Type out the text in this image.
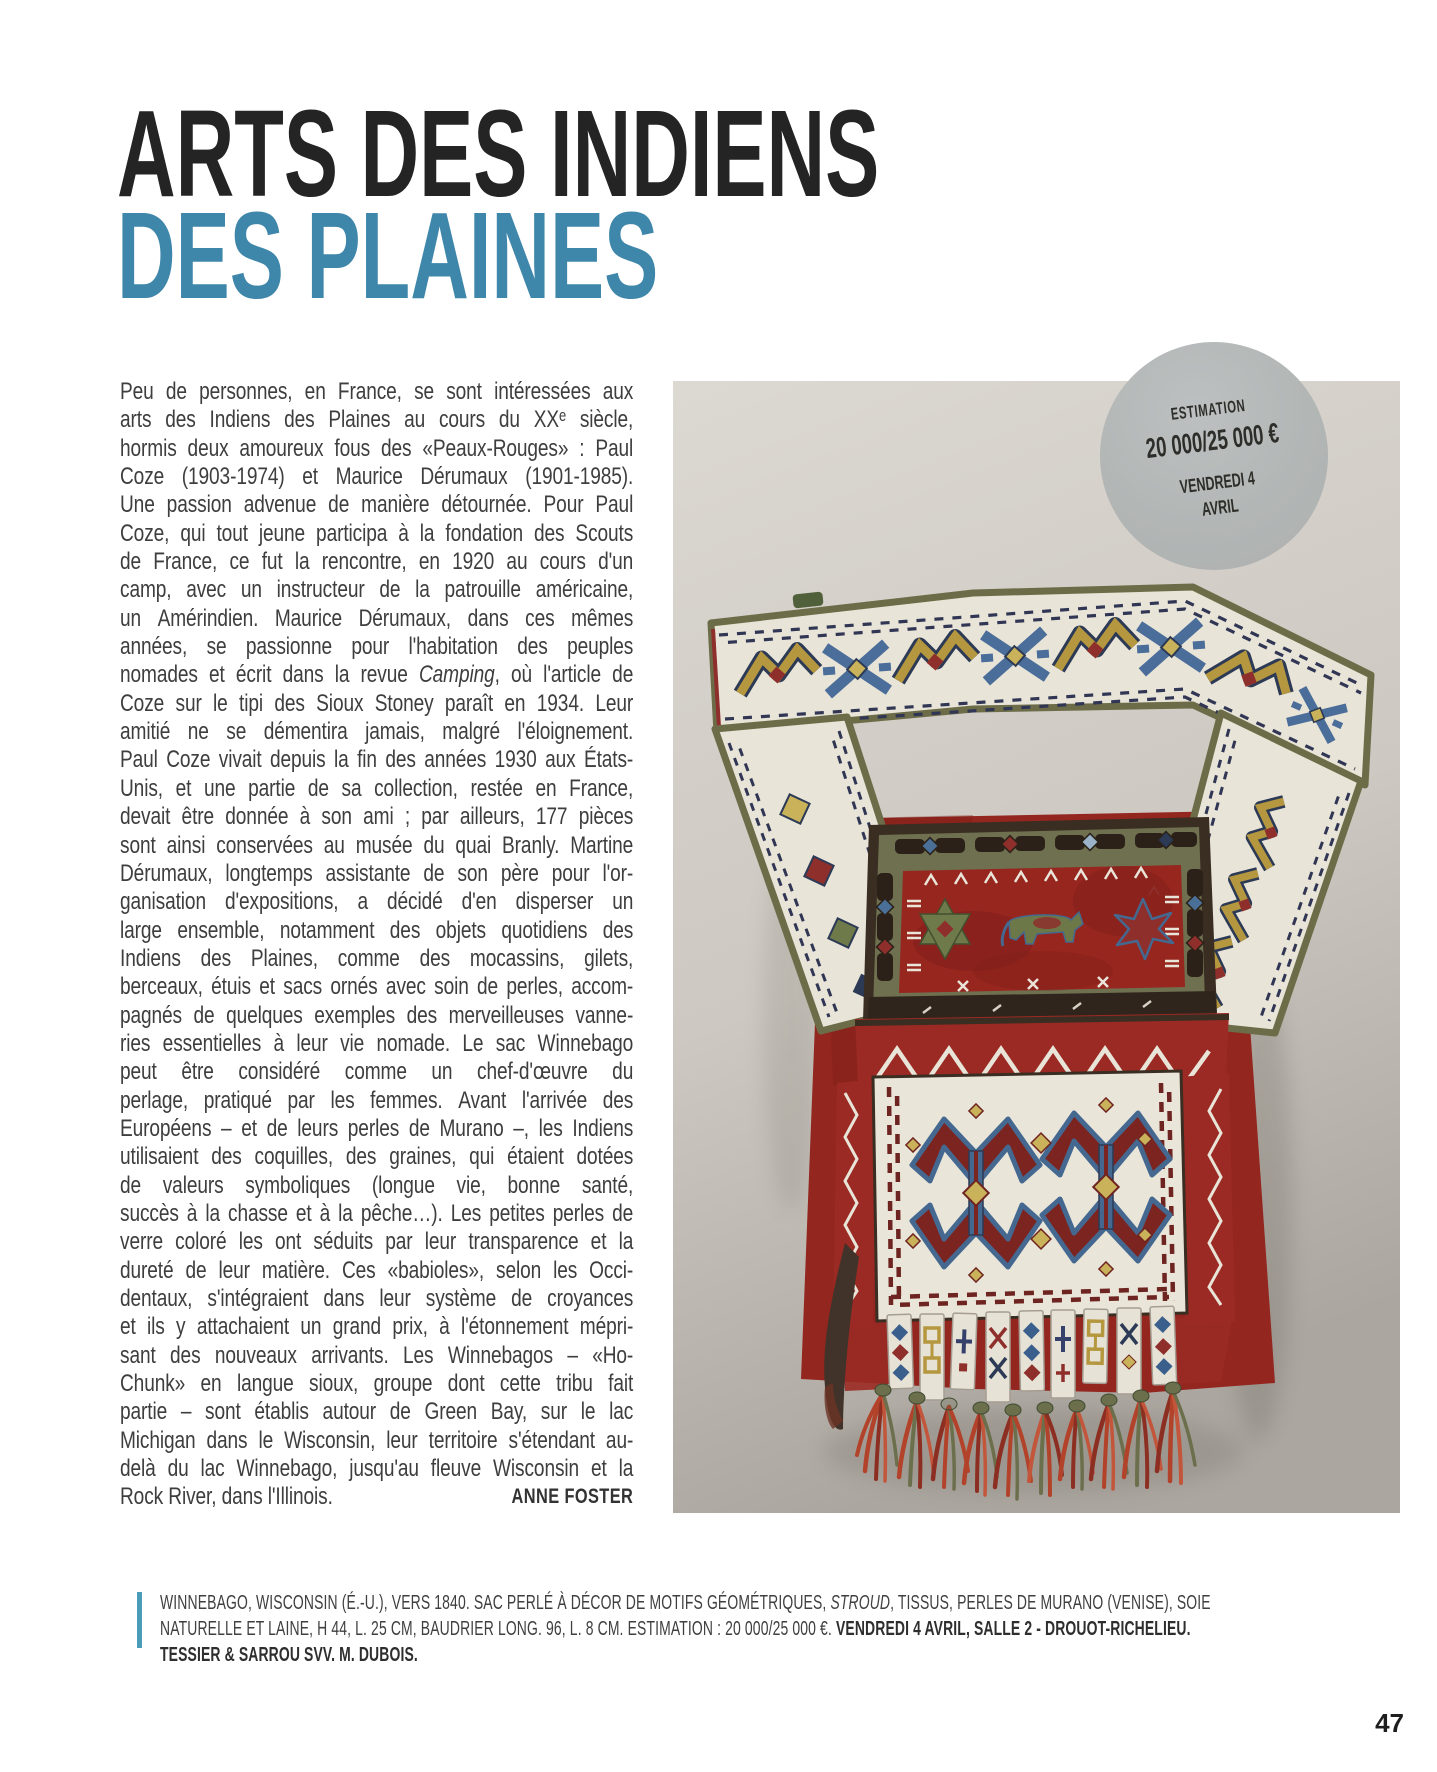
ARTS DES INDIENS
DES PLAINES
Peu de personnes, en France, se sont intéressées aux
arts des Indiens des Plaines au cours du XXᵉ siècle,
hormis deux amoureux fous des «Peaux-Rouges» : Paul
Coze (1903-1974) et Maurice Dérumaux (1901-1985).
Une passion advenue de manière détournée. Pour Paul
Coze, qui tout jeune participa à la fondation des Scouts
de France, ce fut la rencontre, en 1920 au cours d'un
camp, avec un instructeur de la patrouille américaine,
un Amérindien. Maurice Dérumaux, dans ces mêmes
années, se passionne pour l'habitation des peuples
nomades et écrit dans la revue Camping, où l'article de
Coze sur le tipi des Sioux Stoney paraît en 1934. Leur
amitié ne se démentira jamais, malgré l'éloignement.
Paul Coze vivait depuis la fin des années 1930 aux États-
Unis, et une partie de sa collection, restée en France,
devait être donnée à son ami ; par ailleurs, 177 pièces
sont ainsi conservées au musée du quai Branly. Martine
Dérumaux, longtemps assistante de son père pour l'or-
ganisation d'expositions, a décidé d'en disperser un
large ensemble, notamment des objets quotidiens des
Indiens des Plaines, comme des mocassins, gilets,
berceaux, étuis et sacs ornés avec soin de perles, accom-
pagnés de quelques exemples des merveilleuses vanne-
ries essentielles à leur vie nomade. Le sac Winnebago
peut être considéré comme un chef-d'œuvre du
perlage, pratiqué par les femmes. Avant l'arrivée des
Européens – et de leurs perles de Murano –, les Indiens
utilisaient des coquilles, des graines, qui étaient dotées
de valeurs symboliques (longue vie, bonne santé,
succès à la chasse et à la pêche…). Les petites perles de
verre coloré les ont séduits par leur transparence et la
dureté de leur matière. Ces «babioles», selon les Occi-
dentaux, s'intégraient dans leur système de croyances
et ils y attachaient un grand prix, à l'étonnement mépri-
sant des nouveaux arrivants. Les Winnebagos – «Ho-
Chunk» en langue sioux, groupe dont cette tribu fait
partie – sont établis autour de Green Bay, sur le lac
Michigan dans le Wisconsin, leur territoire s'étendant au-
delà du lac Winnebago, jusqu'au fleuve Wisconsin et la
Rock River, dans l'Illinois.	ANNE FOSTER
ESTIMATION
20 000/25 000 €
VENDREDI 4
AVRIL
WINNEBAGO, WISCONSIN (É.-U.), VERS 1840. SAC PERLÉ À DÉCOR DE MOTIFS GÉOMÉTRIQUES, STROUD, TISSUS, PERLES DE MURANO (VENISE), SOIE
NATURELLE ET LAINE, H 44, L. 25 CM, BAUDRIER LONG. 96, L. 8 CM. ESTIMATION : 20 000/25 000 €. VENDREDI 4 AVRIL, SALLE 2 - DROUOT-RICHELIEU.
TESSIER & SARROU SVV. M. DUBOIS.
47
